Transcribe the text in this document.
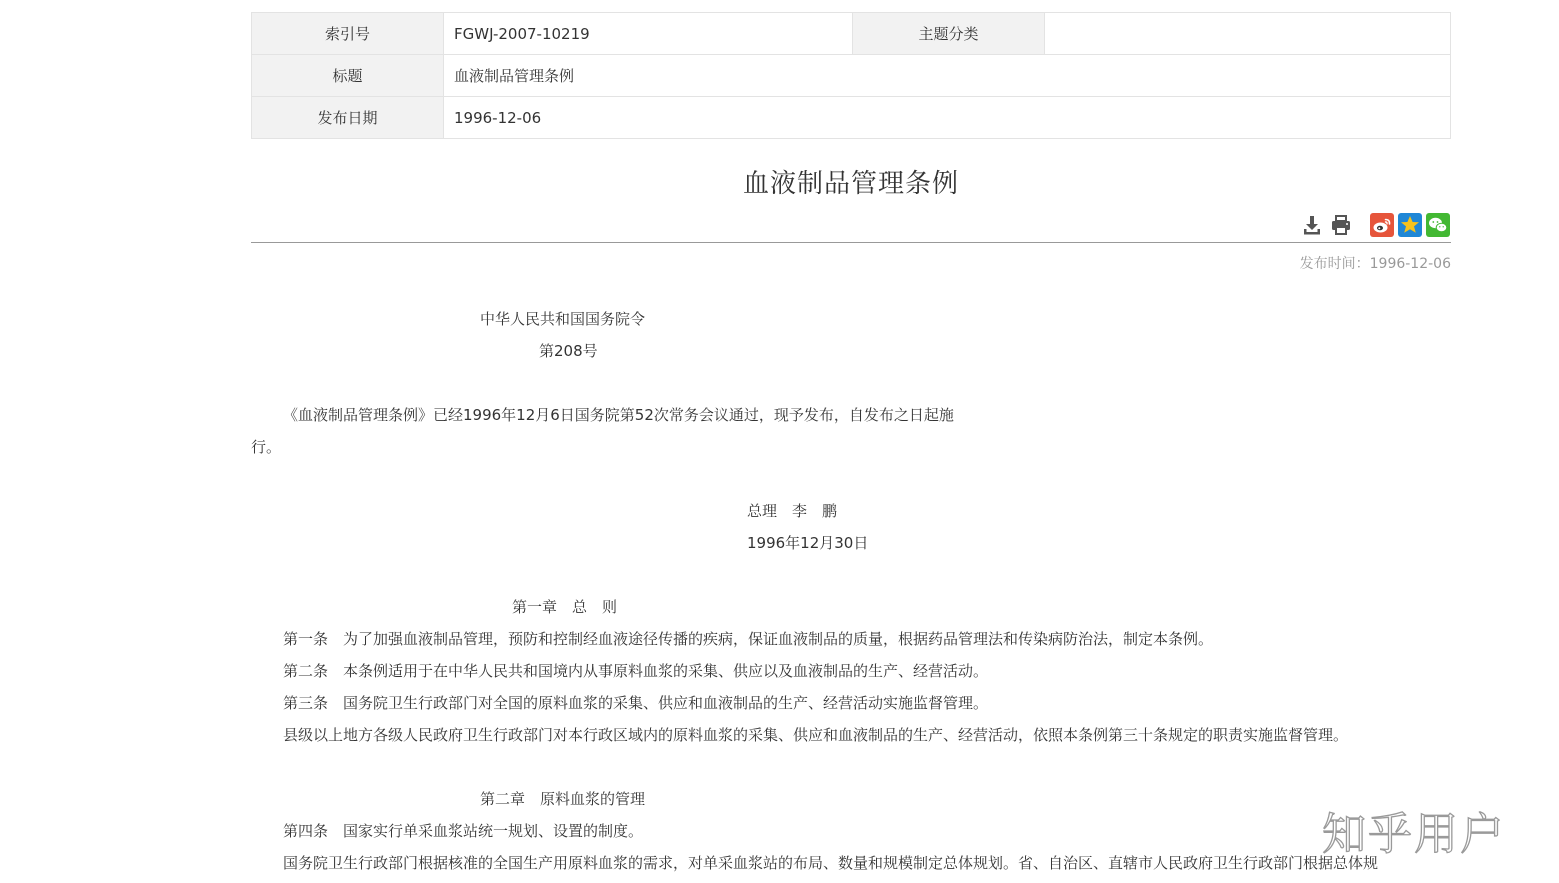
索引号	FGWJ-2007-10219	主题分类	
标题	血液制品管理条例		
发布日期	1996-12-06		
血液制品管理条例
发布时间：1996-12-06
中华人民共和国国务院令
第208号
《血液制品管理条例》已经1996年12月6日国务院第52次常务会议通过，现予发布，自发布之日起施
行。
总理　李　鹏
1996年12月30日
第一章　总　则
第一条　为了加强血液制品管理，预防和控制经血液途径传播的疾病，保证血液制品的质量，根据药品管理法和传染病防治法，制定本条例。
第二条　本条例适用于在中华人民共和国境内从事原料血浆的采集、供应以及血液制品的生产、经营活动。
第三条　国务院卫生行政部门对全国的原料血浆的采集、供应和血液制品的生产、经营活动实施监督管理。
县级以上地方各级人民政府卫生行政部门对本行政区域内的原料血浆的采集、供应和血液制品的生产、经营活动，依照本条例第三十条规定的职责实施监督管理。
第二章　原料血浆的管理
第四条　国家实行单采血浆站统一规划、设置的制度。
国务院卫生行政部门根据核准的全国生产用原料血浆的需求，对单采血浆站的布局、数量和规模制定总体规划。省、自治区、直辖市人民政府卫生行政部门根据总体规
知乎用户
